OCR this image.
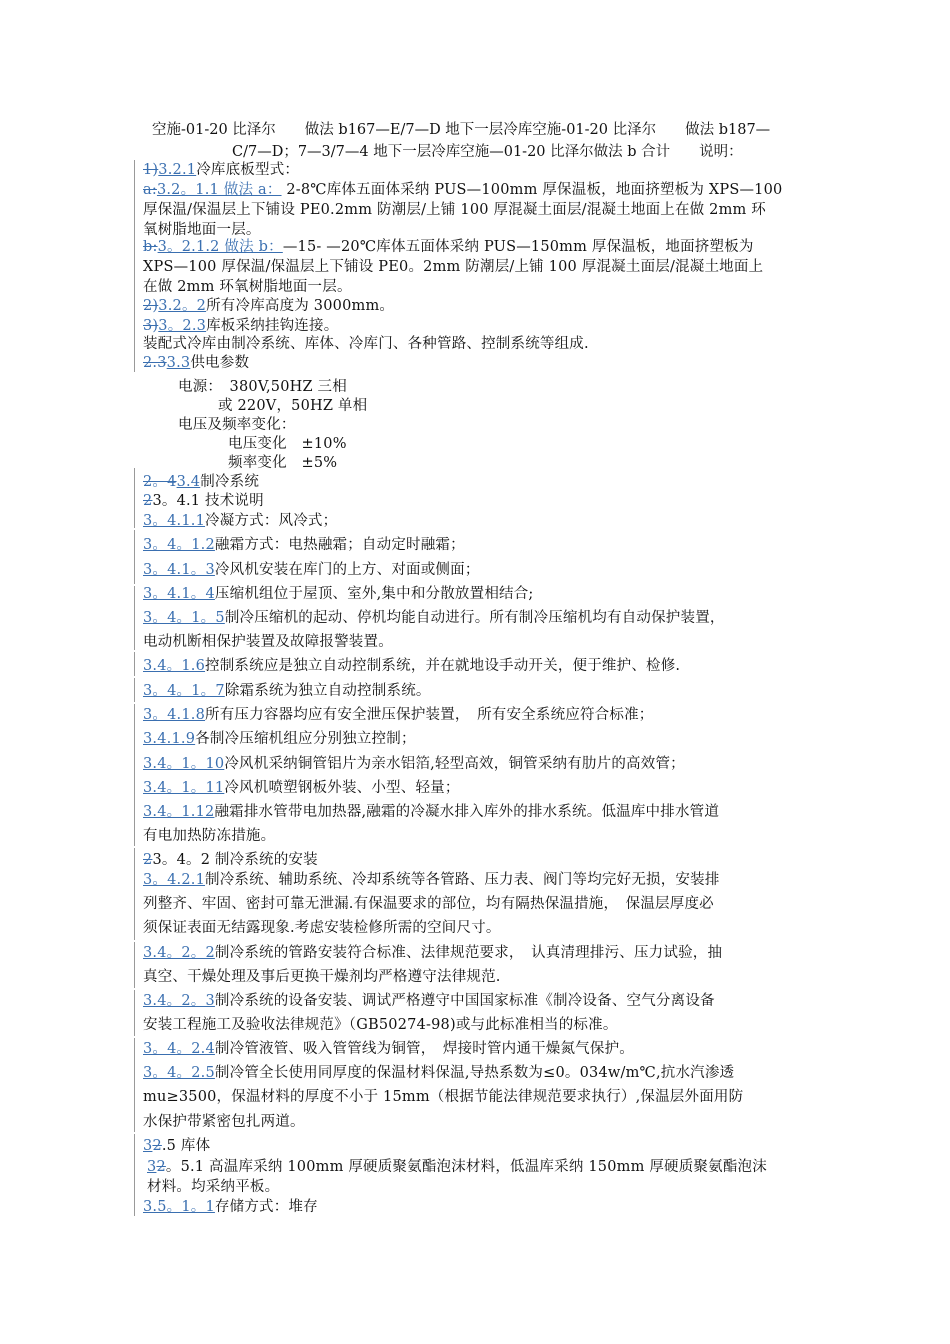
空施-01-20 比泽尔　　做法 b167—E/7—D 地下一层冷库空施-01-20 比泽尔　　做法 b187—
C/7—D；7—3/7—4 地下一层冷库空施—01-20 比泽尔做法 b 合计　　说明：
1)3.2.1冷库底板型式：
a:3.2。1.1 做法 a： 2-8℃库体五面体采纳 PUS—100mm 厚保温板，地面挤塑板为 XPS—100
厚保温/保温层上下铺设 PE0.2mm 防潮层/上铺 100 厚混凝土面层/混凝土地面上在做 2mm 环
氧树脂地面一层。
b:3。2.1.2 做法 b：—15- —20℃库体五面体采纳 PUS—150mm 厚保温板，地面挤塑板为
XPS—100 厚保温/保温层上下铺设 PE0。2mm 防潮层/上铺 100 厚混凝土面层/混凝土地面上
在做 2mm 环氧树脂地面一层。
2)3.2。2所有冷库高度为 3000mm。
3)3。2.3库板采纳挂钩连接。
装配式冷库由制冷系统、库体、冷库门、各种管路、控制系统等组成.
2.33.3供电参数
电源：　380V,50HZ 三相
或 220V，50HZ 单相
电压及频率变化：
电压变化　±10%
频率变化　±5%
2。43.4制冷系统
23。4.1 技术说明
3。4.1.1冷凝方式：风冷式；
3。4。1.2融霜方式：电热融霜；自动定时融霜；
3。4.1。3冷风机安装在库门的上方、对面或侧面；
3。4.1。4压缩机组位于屋顶、室外,集中和分散放置相结合;
3。4。1。5制冷压缩机的起动、停机均能自动进行。所有制冷压缩机均有自动保护装置，
电动机断相保护装置及故障报警装置。
3.4。1.6控制系统应是独立自动控制系统，并在就地设手动开关，便于维护、检修.
3。4。1。7除霜系统为独立自动控制系统。
3。4.1.8所有压力容器均应有安全泄压保护装置，　所有安全系统应符合标准；
3.4.1.9各制冷压缩机组应分别独立控制；
3.4。1。10冷风机采纳铜管铝片为亲水铝箔,轻型高效，铜管采纳有肋片的高效管；
3.4。1。11冷风机喷塑钢板外装、小型、轻量；
3.4。1.12融霜排水管带电加热器,融霜的冷凝水排入库外的排水系统。低温库中排水管道
有电加热防冻措施。
23。4。2 制冷系统的安装
3。4.2.1制冷系统、辅助系统、冷却系统等各管路、压力表、阀门等均完好无损，安装排
列整齐、牢固、密封可靠无泄漏.有保温要求的部位，均有隔热保温措施，　保温层厚度必
须保证表面无结露现象.考虑安装检修所需的空间尺寸。
3.4。2。2制冷系统的管路安装符合标准、法律规范要求，　认真清理排污、压力试验，抽
真空、干燥处理及事后更换干燥剂均严格遵守法律规范.
3.4。2。3制冷系统的设备安装、调试严格遵守中国国家标准《制冷设备、空气分离设备
安装工程施工及验收法律规范》（GB50274-98)或与此标准相当的标准。
3。4。2.4制冷管液管、吸入管管线为铜管，　焊接时管内通干燥氮气保护。
3。4。2.5制冷管全长使用同厚度的保温材料保温,导热系数为≤0。034w/m℃,抗水汽渗透
mu≥3500，保温材料的厚度不小于 15mm（根据节能法律规范要求执行）,保温层外面用防
水保护带紧密包扎两道。
32.5 库体
32。5.1 高温库采纳 100mm 厚硬质聚氨酯泡沫材料，低温库采纳 150mm 厚硬质聚氨酯泡沫
材料。均采纳平板。
3.5。1。1存储方式：堆存
